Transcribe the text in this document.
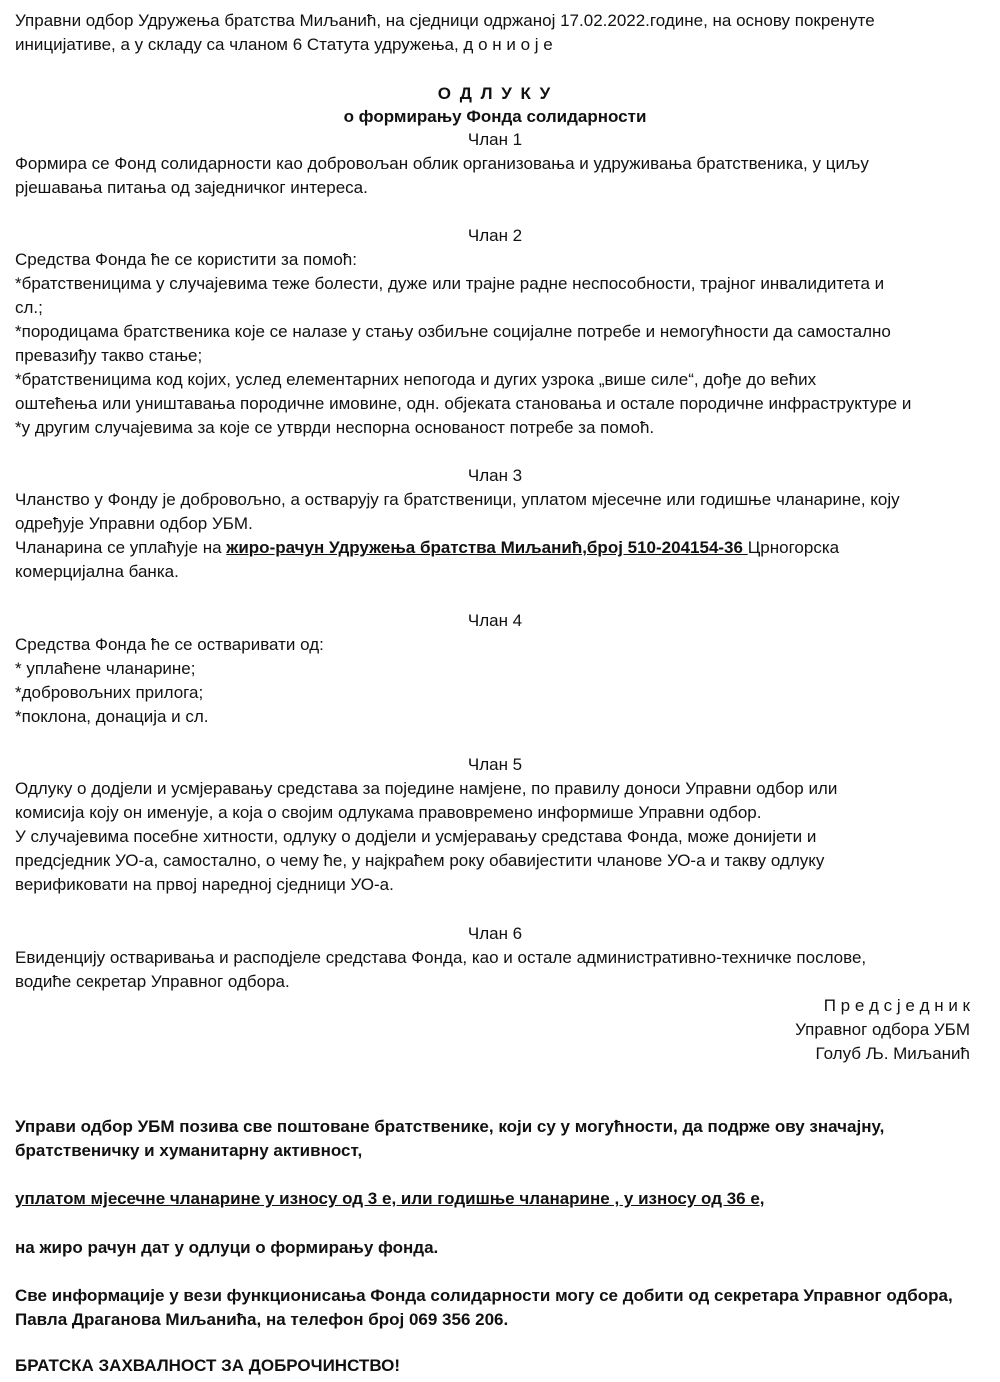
Управни одбор Удружења братства Миљанић, на сједници одржаној 17.02.2022.године, на основу покренуте
иницијативе, а у складу са чланом 6 Статута удружења, д о н и о ј е
О Д Л У К У
о формирању Фонда солидарности
Члан 1
Формира се Фонд солидарности као добровољан облик организовања и удруживања братственика, у циљу
рјешавања питања од заједничког интереса.
Члан 2
Средства Фонда ће се користити за помоћ:
*братственицима у случајевима теже болести, дуже или трајне радне неспособности, трајног инвалидитета и
сл.;
*породицама братственика које се налазе у стању озбиљне социјалне потребе и немогућности да самостално
превазиђу такво стање;
*братственицима код којих, услед елементарних непогода и дугих узрока „више силе“, дође до већих
оштећења или уништавања породичне имовине, одн. објеката становања и остале породичне инфраструктуре и
*у другим случајевима за које се утврди неспорна основаност потребе за помоћ.
Члан 3
Чланство у Фонду је добровољно, а остварују га братственици, уплатом мјесечне или годишње чланарине, коју
одређује Управни одбор УБМ.
Чланарина се уплаћује на жиро-рачун Удружења братства Миљанић,број 510-204154-36 Црногорска
комерцијална банка.
Члан 4
Средства Фонда ће се остваривати од:
* уплаћене чланарине;
*добровољних прилога;
*поклона, донација и сл.
Члан 5
Одлуку о додјели и усмјеравању средстава за поједине намјене, по правилу доноси Управни одбор или
комисија коју он именује, а која о својим одлукама правовремено информише Управни одбор.
У случајевима посебне хитности, одлуку о додјели и усмјеравању средстава Фонда, може донијети и
предсједник УО-а, самостално, о чему ће, у најкраћем року обавијестити чланове УО-а и такву одлуку
верификовати на првој наредној сједници УО-а.
Члан 6
Евиденцију остваривања и расподјеле средстава Фонда, као и остале административно-техничке послове,
водиће секретар Управног одбора.
П р е д с ј е д н и к
Управног одбора УБМ
Голуб Љ. Миљанић
Управи одбор УБМ позива све поштоване братственике, који су у могућности, да подрже ову значајну,
братственичку и хуманитарну активност,
уплатом мјесечне чланарине у износу од 3 е, или годишње чланарине , у износу од 36 е,
на жиро рачун дат у одлуци о формирању фонда.
Све информације у вези функционисања Фонда солидарности могу се добити од секретара Управног одбора,
Павла Драганова Миљанића, на телефон број 069 356 206.
БРАТСКА ЗАХВАЛНОСТ ЗА ДОБРОЧИНСТВО!
